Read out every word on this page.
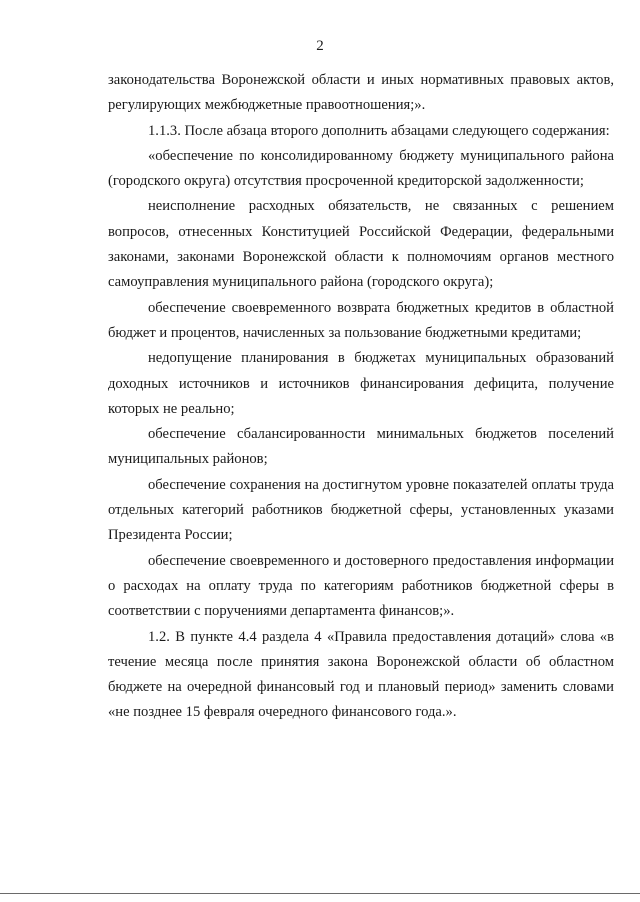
2

законодательства Воронежской области и иных нормативных правовых актов, регулирующих межбюджетные правоотношения;».

1.1.3. После абзаца второго дополнить абзацами следующего содержания:

«обеспечение по консолидированному бюджету муниципального района (городского округа) отсутствия просроченной кредиторской задолженности;

неисполнение расходных обязательств, не связанных с решением вопросов, отнесенных Конституцией Российской Федерации, федеральными законами, законами Воронежской области к полномочиям органов местного самоуправления муниципального района (городского округа);

обеспечение своевременного возврата бюджетных кредитов в областной бюджет и процентов, начисленных за пользование бюджетными кредитами;

недопущение планирования в бюджетах муниципальных образований доходных источников и источников финансирования дефицита, получение которых не реально;

обеспечение сбалансированности минимальных бюджетов поселений муниципальных районов;

обеспечение сохранения на достигнутом уровне показателей оплаты труда отдельных категорий работников бюджетной сферы, установленных указами Президента России;

обеспечение своевременного и достоверного предоставления информации о расходах на оплату труда по категориям работников бюджетной сферы в соответствии с поручениями департамента финансов;».

1.2. В пункте 4.4 раздела 4 «Правила предоставления дотаций» слова «в течение месяца после принятия закона Воронежской области об областном бюджете на очередной финансовый год и плановый период» заменить словами «не позднее 15 февраля очередного финансового года.».
